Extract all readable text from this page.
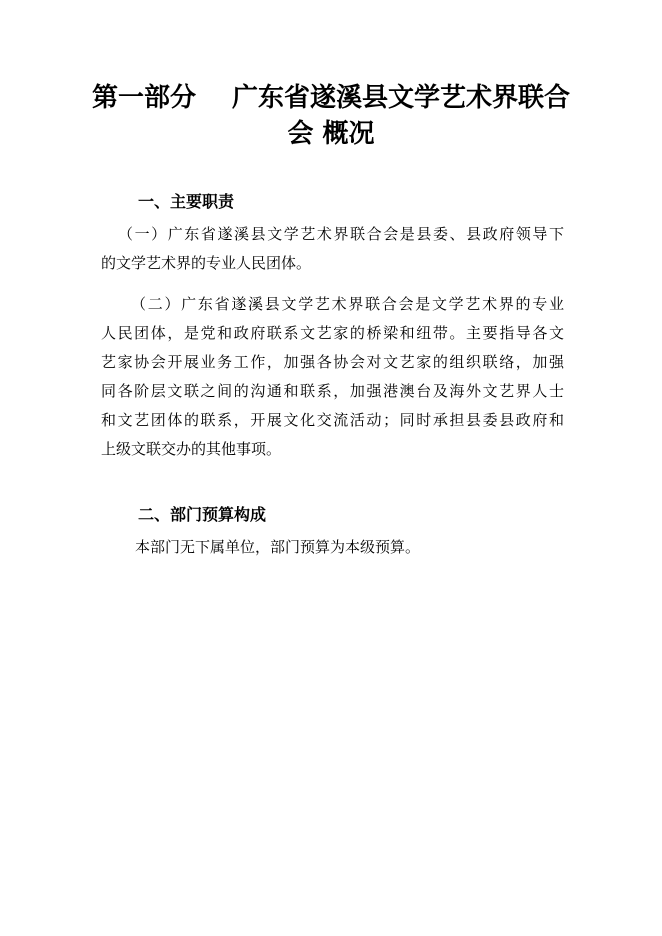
第一部分 广东省遂溪县文学艺术界联合
会 概况
一、主要职责

（一）广东省遂溪县文学艺术界联合会是县委、县政府领导下
的文学艺术界的专业人民团体。

（二）广东省遂溪县文学艺术界联合会是文学艺术界的专业
人民团体，是党和政府联系文艺家的桥梁和纽带。主要指导各文
艺家协会开展业务工作，加强各协会对文艺家的组织联络，加强
同各阶层文联之间的沟通和联系，加强港澳台及海外文艺界人士
和文艺团体的联系，开展文化交流活动；同时承担县委县政府和
上级文联交办的其他事项。

二、部门预算构成

本部门无下属单位，部门预算为本级预算。
